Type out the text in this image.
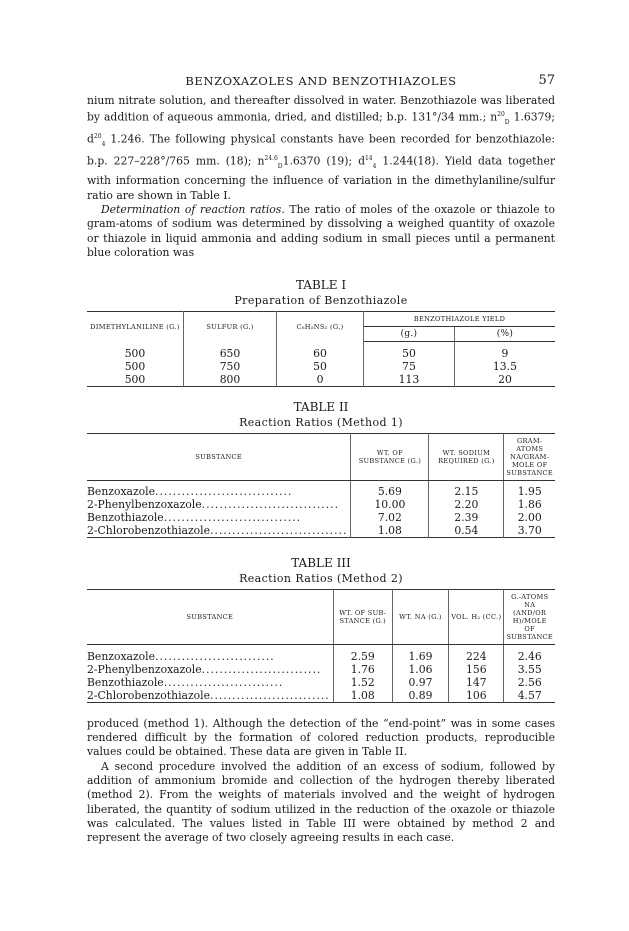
BENZOXAZOLES AND BENZOTHIAZOLES	57

nium nitrate solution, and thereafter dissolved in water. Benzothiazole was liberated by addition of aqueous ammonia, dried, and distilled; b.p. 131°/34 mm.; $n^{20}_D$ 1.6379; $d^{20}_4$ 1.246. The following physical constants have been recorded for benzothiazole: b.p. 227–228°/765 mm. (18); $n^{24.6}_D1.6370$ (19); $d^{14}_4$ 1.244(18). Yield data together with information concerning the influence of variation in the dimethylaniline/sulfur ratio are shown in Table I.

Determination of reaction ratios. The ratio of moles of the oxazole or thiazole to gram-atoms of sodium was determined by dissolving a weighed quantity of oxazole or thiazole in liquid ammonia and adding sodium in small pieces until a permanent blue coloration was

TABLE I
Preparation of Benzothiazole
DIMETHYLANILINE (G.)	SULFUR (G.)	C₆H₅NS₂ (G.)	BENZOTHIAZOLE YIELD	
			(g.)	(%)

500	650	60	50	9
500	750	50	75	13.5
500	800	0	113	20
TABLE II
Reaction Ratios (Method 1)
SUBSTANCE	WT. OF SUBSTANCE (G.)	WT. SODIUM REQUIRED (G.)	GRAM-ATOMS NA/GRAM-MOLE OF SUBSTANCE

Benzoxazole...............................	5.69	2.15	1.95
2-Phenylbenzoxazole...............................	10.00	2.20	1.86
Benzothiazole...............................	7.02	2.39	2.00
2-Chlorobenzothiazole...............................	1.08	0.54	3.70
TABLE III
Reaction Ratios (Method 2)
SUBSTANCE	WT. OF SUB-STANCE (G.)	WT. NA (G.)	VOL. H₂ (CC.)	G.-ATOMS NA (AND/OR H)/MOLE OF SUBSTANCE

Benzoxazole...........................	2.59	1.69	224	2.46
2-Phenylbenzoxazole...........................	1.76	1.06	156	3.55
Benzothiazole...........................	1.52	0.97	147	2.56
2-Chlorobenzothiazole...........................	1.08	0.89	106	4.57

produced (method 1). Although the detection of the “end-point” was in some cases rendered difficult by the formation of colored reduction products, reproducible values could be obtained. These data are given in Table II.

A second procedure involved the addition of an excess of sodium, followed by addition of ammonium bromide and collection of the hydrogen thereby liberated (method 2). From the weights of materials involved and the weight of hydrogen liberated, the quantity of sodium utilized in the reduction of the oxazole or thiazole was calculated. The values listed in Table III were obtained by method 2 and represent the average of two closely agreeing results in each case.
